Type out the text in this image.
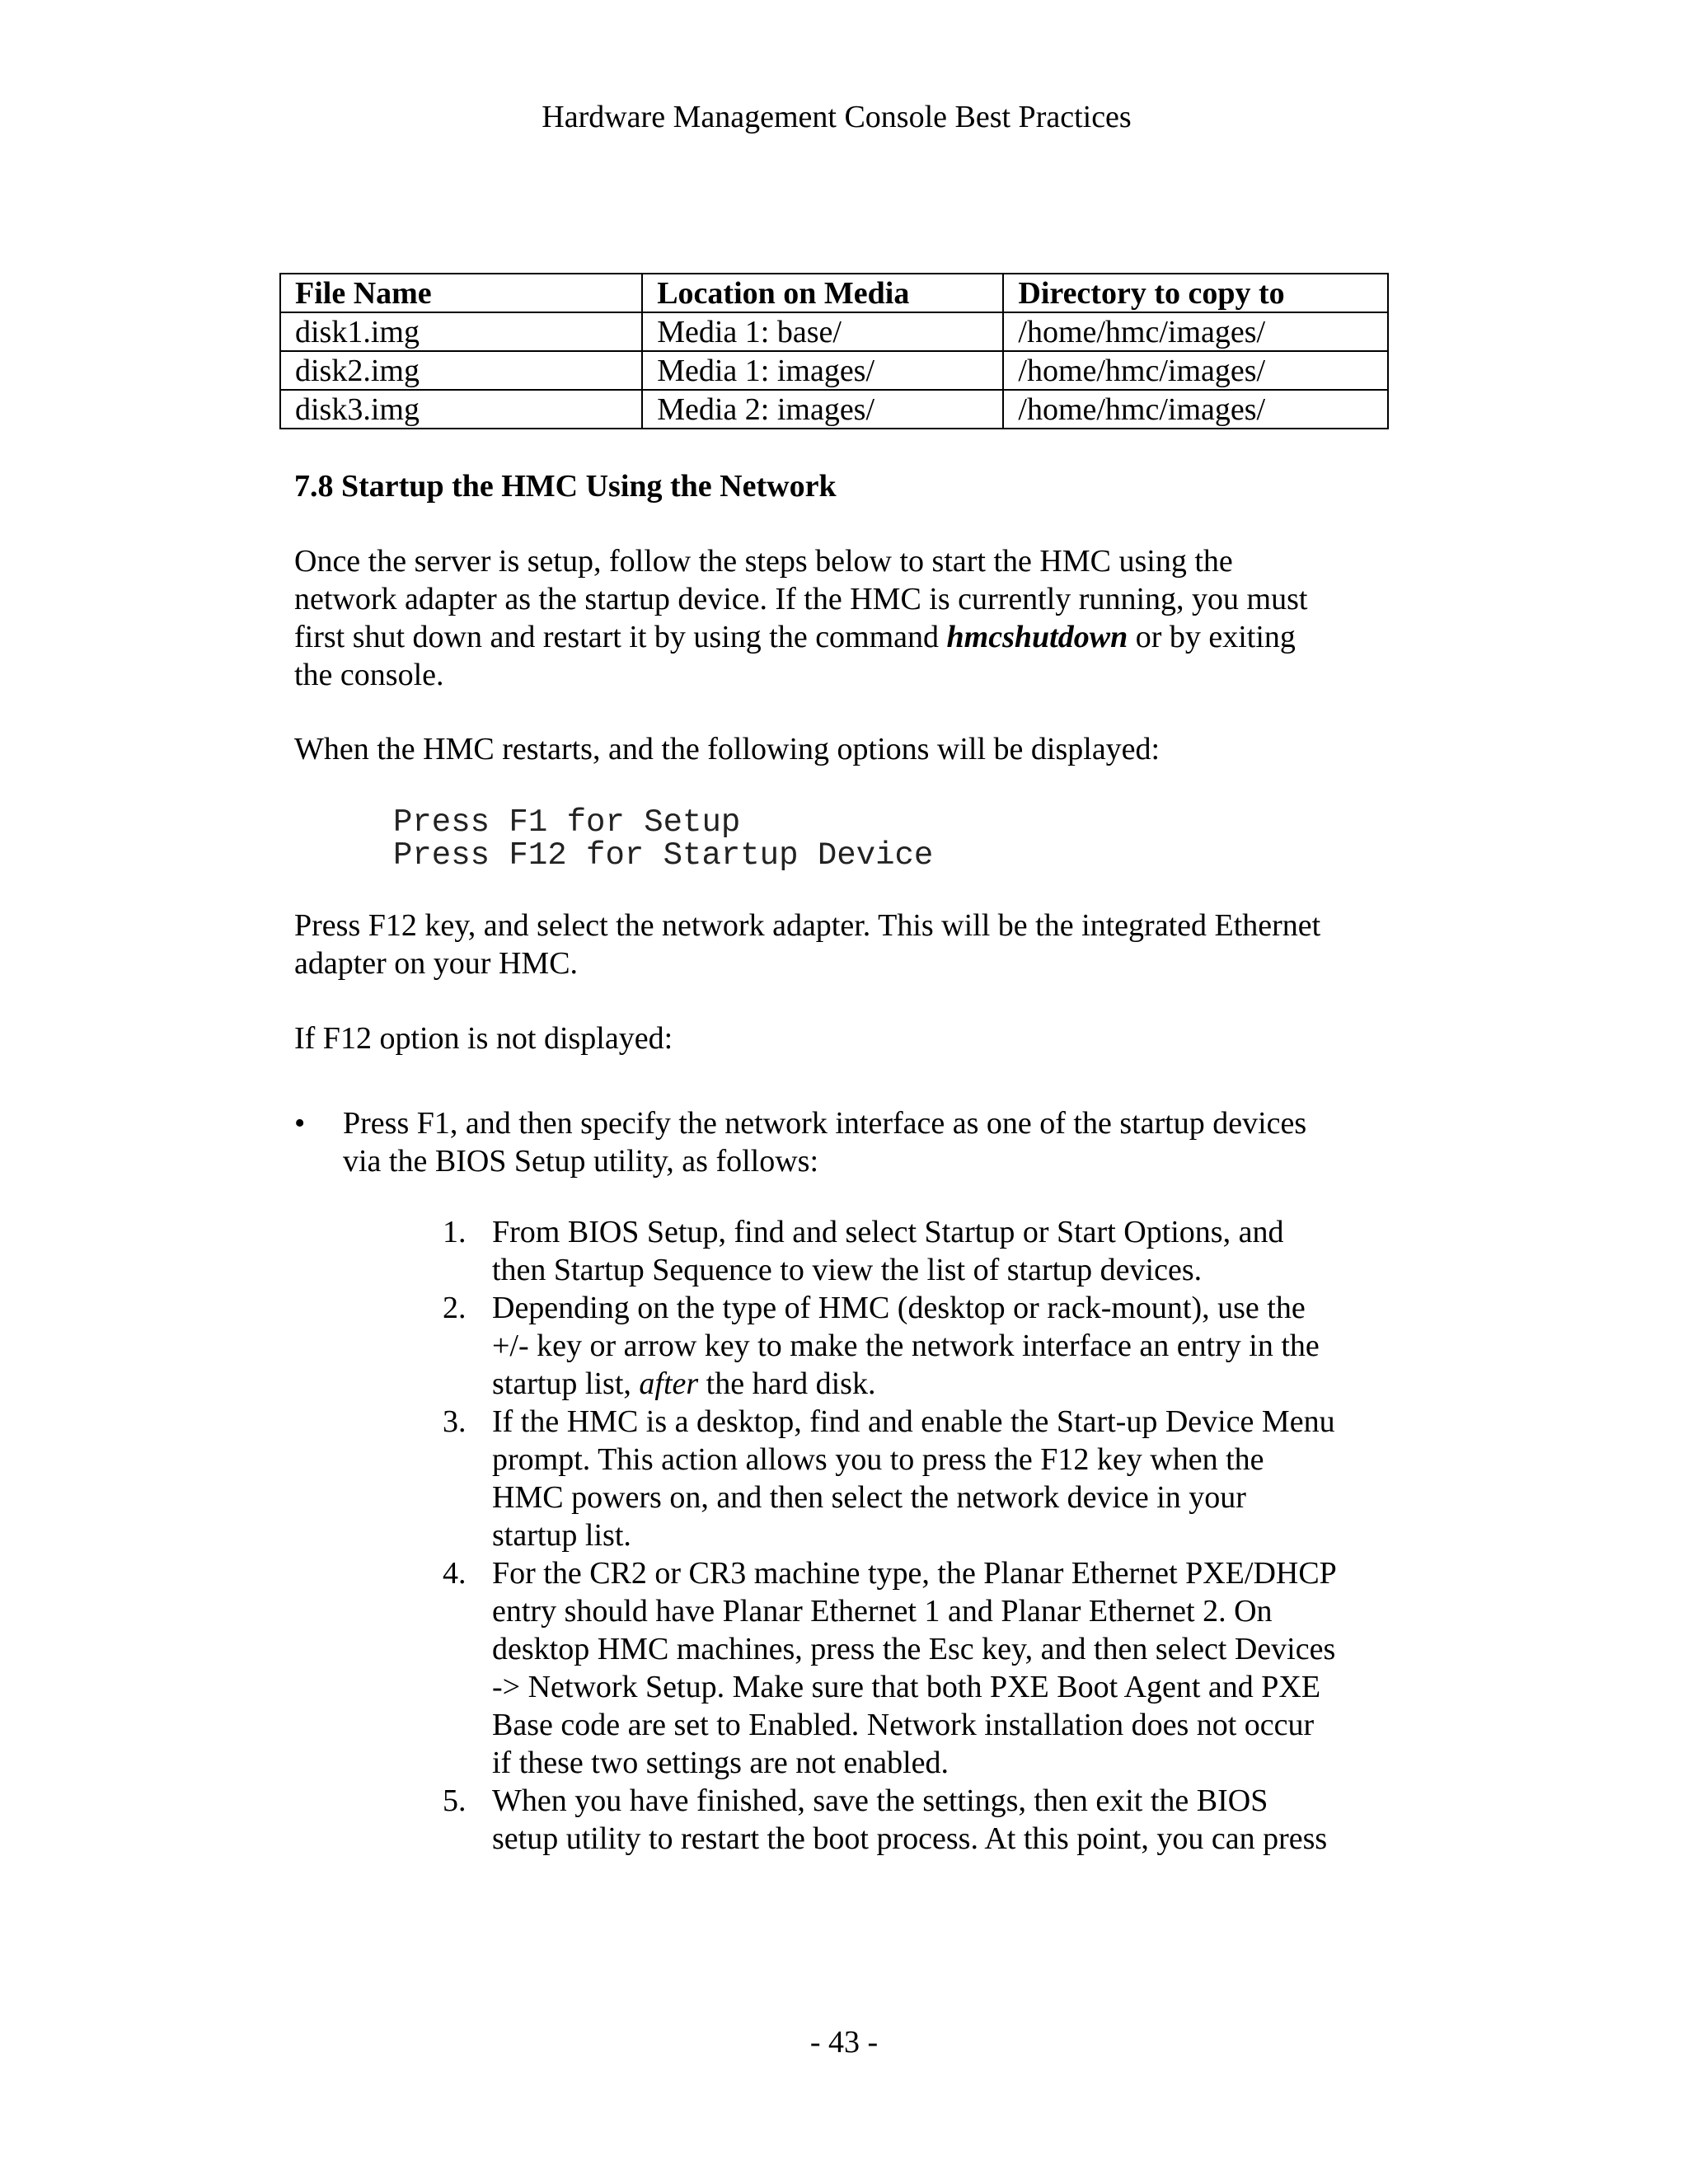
Hardware Management Console Best Practices
File Name	Location on Media	Directory to copy to
disk1.img	Media 1: base/	/home/hmc/images/
disk2.img	Media 1: images/	/home/hmc/images/
disk3.img	Media 2: images/	/home/hmc/images/
7.8 Startup the HMC Using the Network
Once the server is setup, follow the steps below to start the HMC using the
network adapter as the startup device. If the HMC is currently running, you must
first shut down and restart it by using the command hmcshutdown or by exiting
the console.
When the HMC restarts, and the following options will be displayed:
Press F1 for Setup
Press F12 for Startup Device
Press F12 key, and select the network adapter. This will be the integrated Ethernet
adapter on your HMC.
If F12 option is not displayed:
•	Press F1, and then specify the network interface as one of the startup devices
via the BIOS Setup utility, as follows:
1. From BIOS Setup, find and select Startup or Start Options, and
then Startup Sequence to view the list of startup devices.
2. Depending on the type of HMC (desktop or rack-mount), use the
+/- key or arrow key to make the network interface an entry in the
startup list, after the hard disk.
3. If the HMC is a desktop, find and enable the Start-up Device Menu
prompt. This action allows you to press the F12 key when the
HMC powers on, and then select the network device in your
startup list.
4. For the CR2 or CR3 machine type, the Planar Ethernet PXE/DHCP
entry should have Planar Ethernet 1 and Planar Ethernet 2. On
desktop HMC machines, press the Esc key, and then select Devices
-> Network Setup. Make sure that both PXE Boot Agent and PXE
Base code are set to Enabled. Network installation does not occur
if these two settings are not enabled.
5. When you have finished, save the settings, then exit the BIOS
setup utility to restart the boot process. At this point, you can press
- 43 -
